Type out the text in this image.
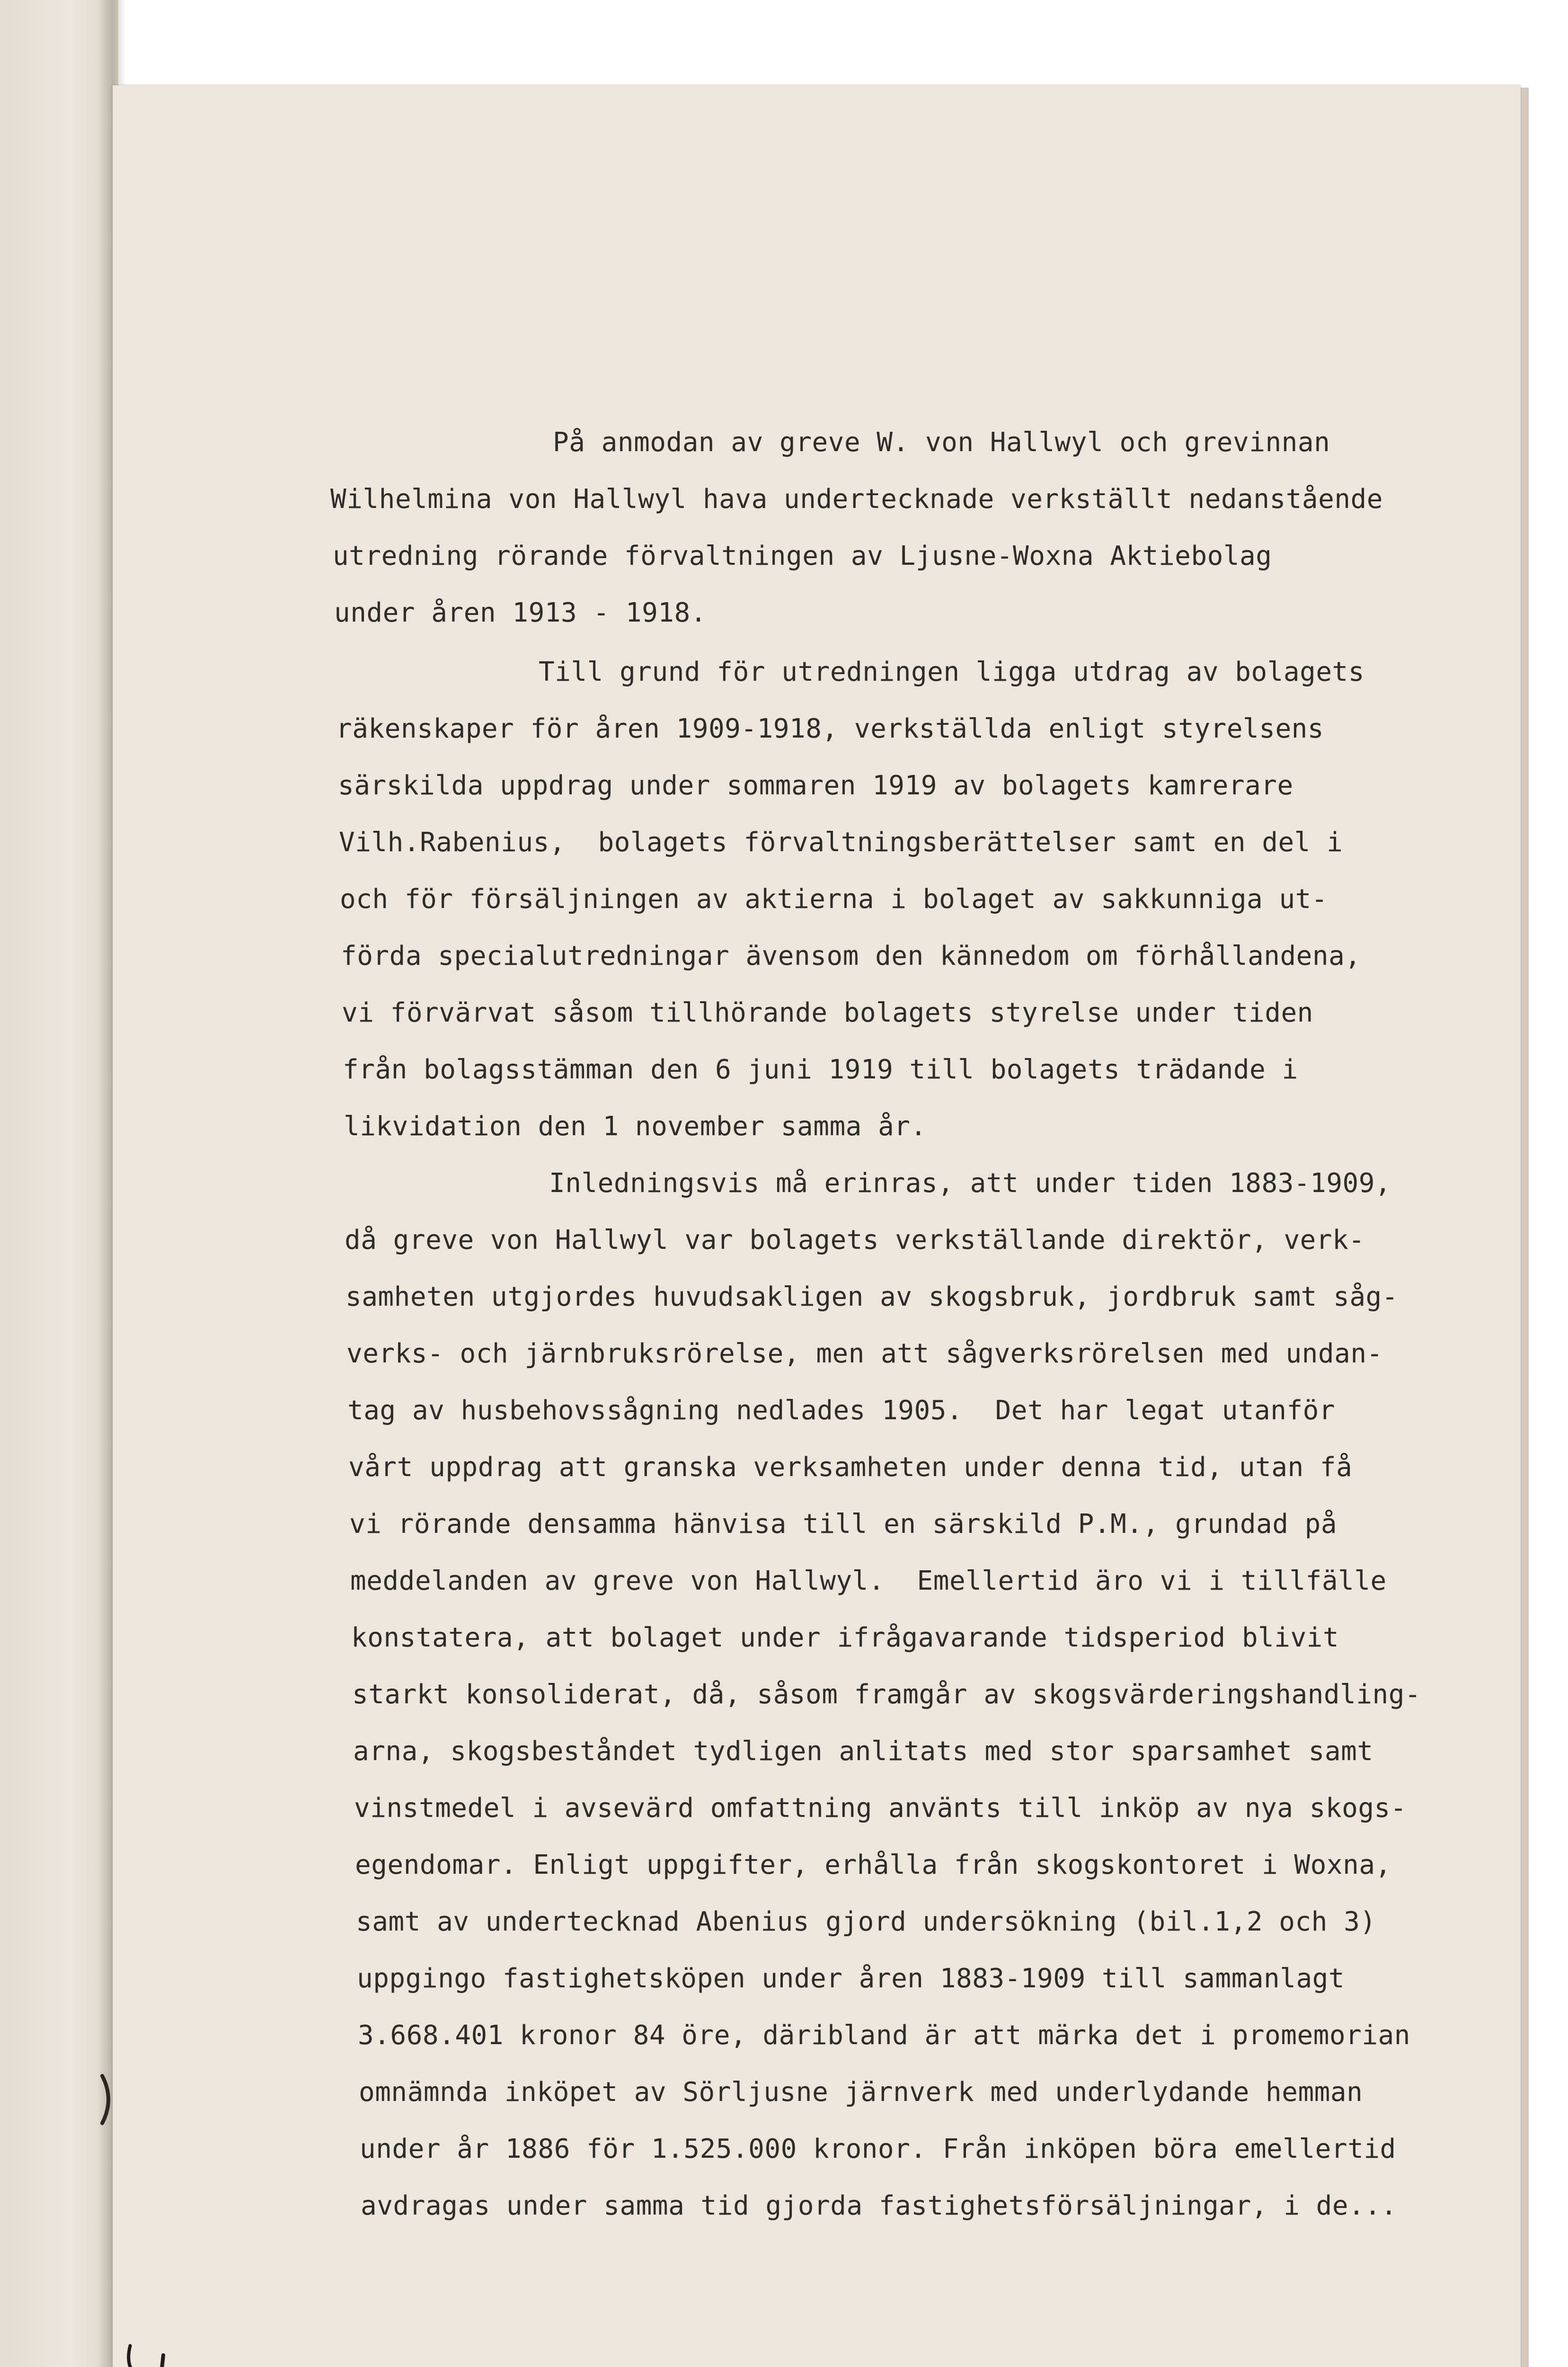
På anmodan av greve W. von Hallwyl och grevinnan
Wilhelmina von Hallwyl hava undertecknade verkställt nedanstående
utredning rörande förvaltningen av Ljusne-Woxna Aktiebolag
under åren 1913 - 1918.
Till grund för utredningen ligga utdrag av bolagets
räkenskaper för åren 1909-1918, verkställda enligt styrelsens
särskilda uppdrag under sommaren 1919 av bolagets kamrerare
Vilh.Rabenius,  bolagets förvaltningsberättelser samt en del i
och för försäljningen av aktierna i bolaget av sakkunniga ut-
förda specialutredningar ävensom den kännedom om förhållandena,
vi förvärvat såsom tillhörande bolagets styrelse under tiden
från bolagsstämman den 6 juni 1919 till bolagets trädande i
likvidation den 1 november samma år.
Inledningsvis må erinras, att under tiden 1883-1909,
då greve von Hallwyl var bolagets verkställande direktör, verk-
samheten utgjordes huvudsakligen av skogsbruk, jordbruk samt såg-
verks- och järnbruksrörelse, men att sågverksrörelsen med undan-
tag av husbehovssågning nedlades 1905.  Det har legat utanför
vårt uppdrag att granska verksamheten under denna tid, utan få
vi rörande densamma hänvisa till en särskild P.M., grundad på
meddelanden av greve von Hallwyl.  Emellertid äro vi i tillfälle
konstatera, att bolaget under ifrågavarande tidsperiod blivit
starkt konsoliderat, då, såsom framgår av skogsvärderingshandling-
arna, skogsbeståndet tydligen anlitats med stor sparsamhet samt
vinstmedel i avsevärd omfattning använts till inköp av nya skogs-
egendomar. Enligt uppgifter, erhålla från skogskontoret i Woxna,
samt av undertecknad Abenius gjord undersökning (bil.1,2 och 3)
uppgingo fastighetsköpen under åren 1883-1909 till sammanlagt
3.668.401 kronor 84 öre, däribland är att märka det i promemorian
omnämnda inköpet av Sörljusne järnverk med underlydande hemman
under år 1886 för 1.525.000 kronor. Från inköpen böra emellertid
avdragas under samma tid gjorda fastighetsförsäljningar, i de...
